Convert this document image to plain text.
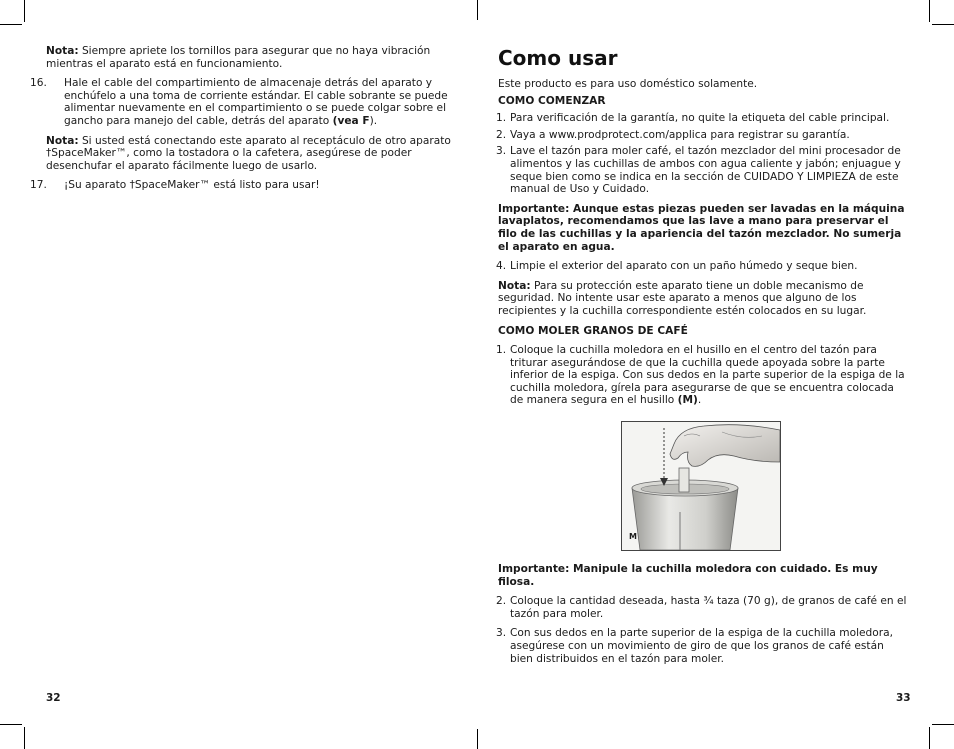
Nota: Siempre apriete los tornillos para asegurar que no haya vibración mientras el aparato está en funcionamiento.

16. Hale el cable del compartimiento de almacenaje detrás del aparato y enchúfelo a una toma de corriente estándar. El cable sobrante se puede alimentar nuevamente en el compartimiento o se puede colgar sobre el gancho para manejo del cable, detrás del aparato (vea F).

Nota: Si usted está conectando este aparato al receptáculo de otro aparato †SpaceMaker™, como la tostadora o la cafetera, asegúrese de poder desenchufar el aparato fácilmente luego de usarlo.

17. ¡Su aparato †SpaceMaker™ está listo para usar!
Como usar

Este producto es para uso doméstico solamente.

COMO COMENZAR
1. Para verificación de la garantía, no quite la etiqueta del cable principal.
2. Vaya a www.prodprotect.com/applica para registrar su garantía.
3. Lave el tazón para moler café, el tazón mezclador del mini procesador de alimentos y las cuchillas de ambos con agua caliente y jabón; enjuague y seque bien como se indica en la sección de CUIDADO Y LIMPIEZA de este manual de Uso y Cuidado.

Importante: Aunque estas piezas pueden ser lavadas en la máquina lavaplatos, recomendamos que las lave a mano para preservar el filo de las cuchillas y la apariencia del tazón mezclador. No sumerja el aparato en agua.

4. Limpie el exterior del aparato con un paño húmedo y seque bien.

Nota: Para su protección este aparato tiene un doble mecanismo de seguridad. No intente usar este aparato a menos que alguno de los recipientes y la cuchilla correspondiente estén colocados en su lugar.

COMO MOLER GRANOS DE CAFÉ
1. Coloque la cuchilla moledora en el husillo en el centro del tazón para triturar asegurándose de que la cuchilla quede apoyada sobre la parte inferior de la espiga. Con sus dedos en la parte superior de la espiga de la cuchilla moledora, gírela para asegurarse de que se encuentra colocada de manera segura en el husillo (M).
M

Importante: Manipule la cuchilla moledora con cuidado. Es muy filosa.

2. Coloque la cantidad deseada, hasta ³⁄₄ taza (70 g), de granos de café en el tazón para moler.
3. Con sus dedos en la parte superior de la espiga de la cuchilla moledora, asegúrese con un movimiento de giro de que los granos de café están bien distribuidos en el tazón para moler.
32	33
